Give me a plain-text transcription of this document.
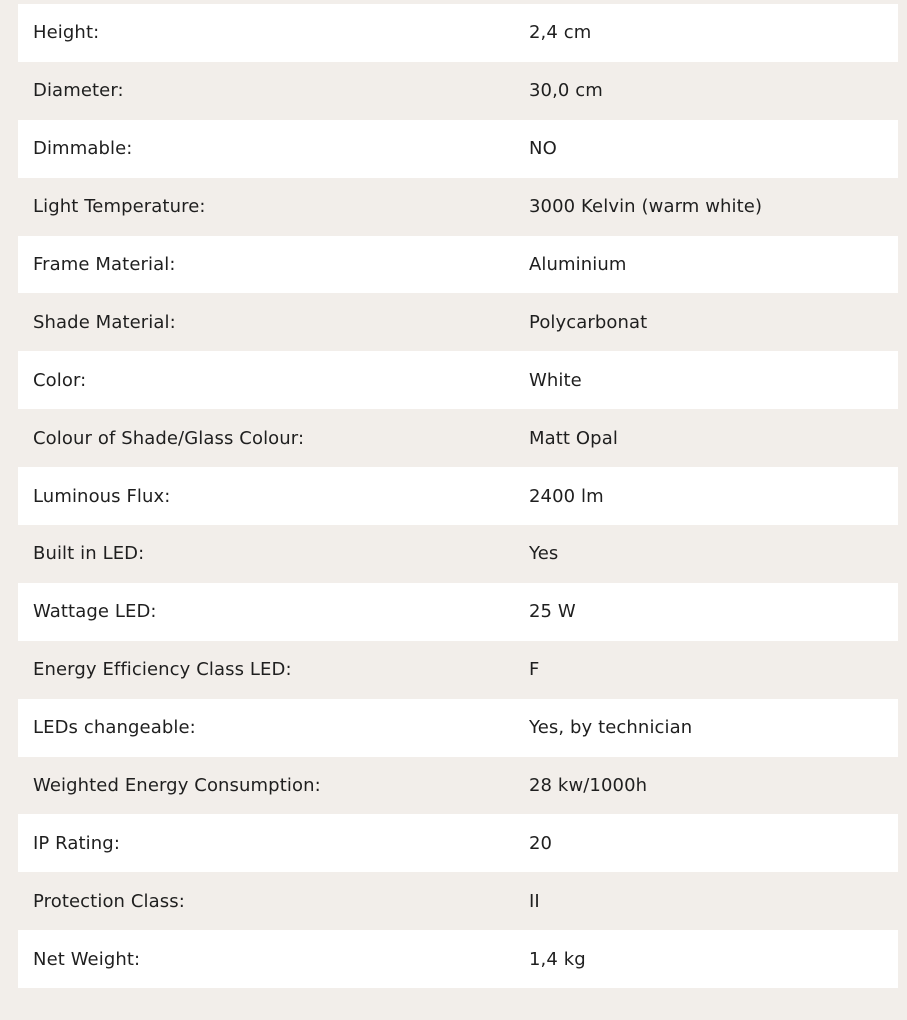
Height:	2,4 cm
Diameter:	30,0 cm
Dimmable:	NO
Light Temperature:	3000 Kelvin (warm white)
Frame Material:	Aluminium
Shade Material:	Polycarbonat
Color:	White
Colour of Shade/Glass Colour:	Matt Opal
Luminous Flux:	2400 lm
Built in LED:	Yes
Wattage LED:	25 W
Energy Efficiency Class LED:	F
LEDs changeable:	Yes, by technician
Weighted Energy Consumption:	28 kw/1000h
IP Rating:	20
Protection Class:	II
Net Weight:	1,4 kg
